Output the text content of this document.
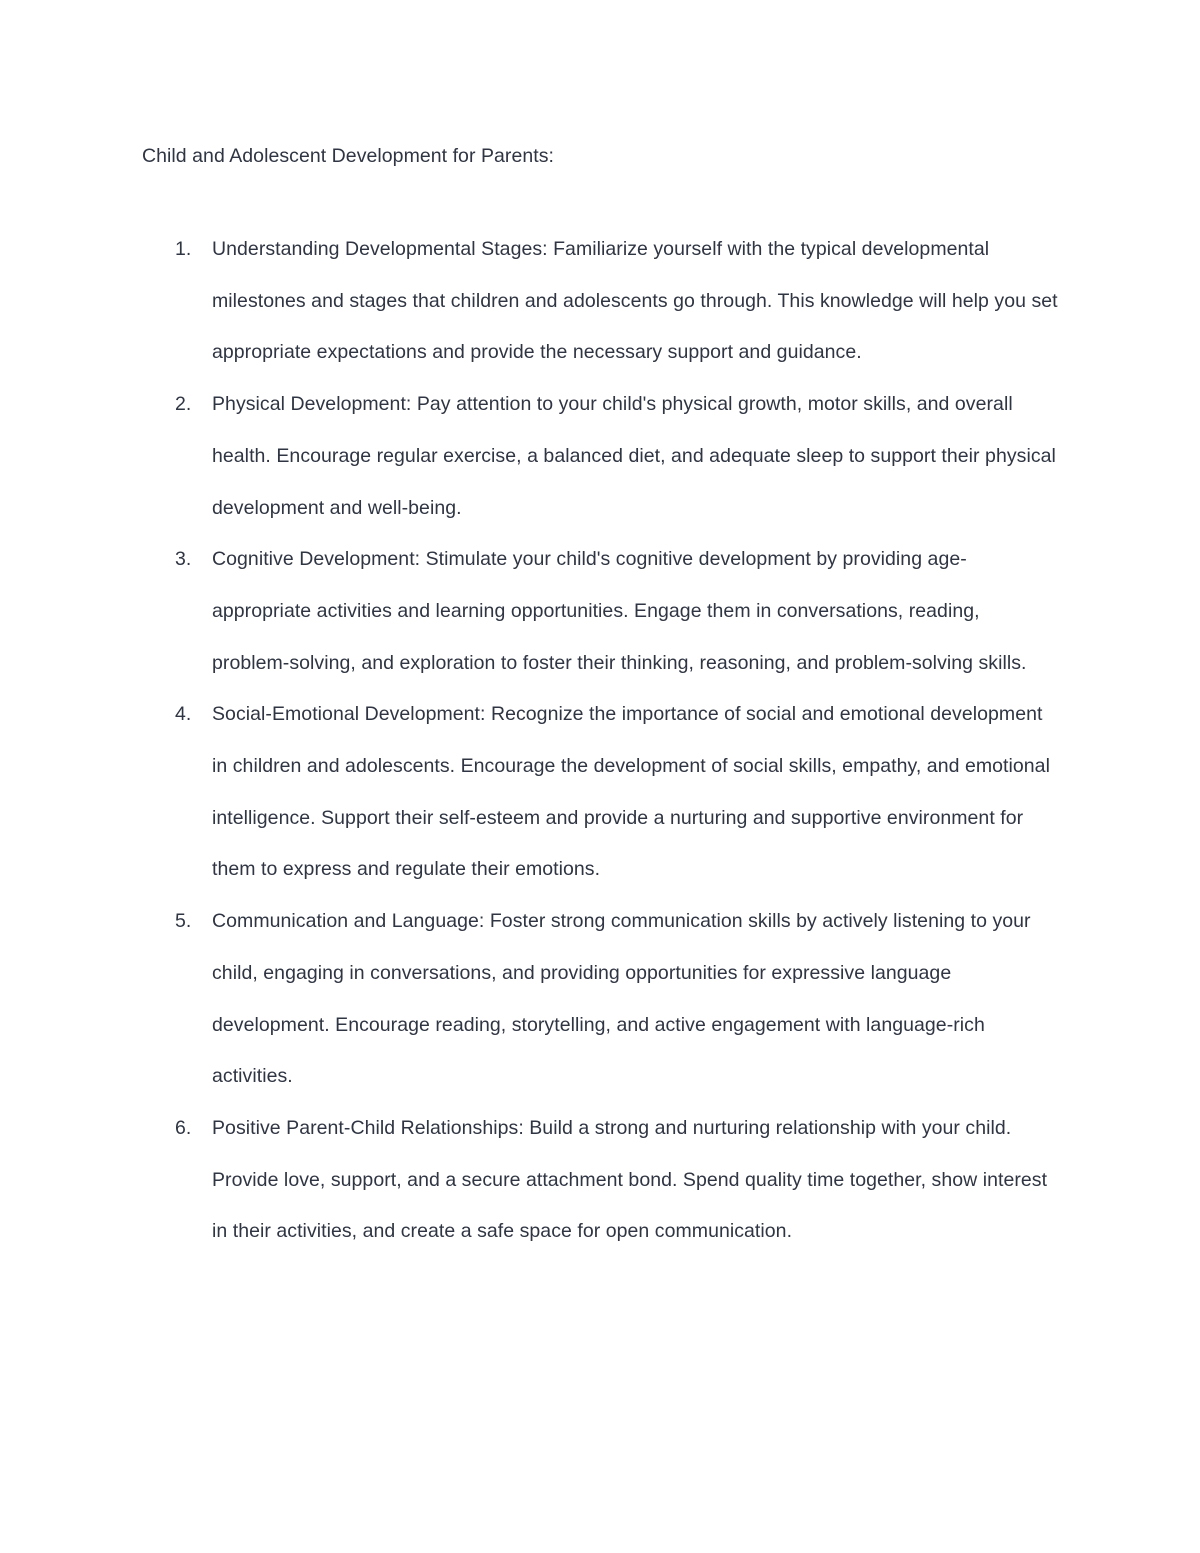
Child and Adolescent Development for Parents:
1.	Understanding Developmental Stages: Familiarize yourself with the typical developmental milestones and stages that children and adolescents go through. This knowledge will help you set appropriate expectations and provide the necessary support and guidance.
2.	Physical Development: Pay attention to your child's physical growth, motor skills, and overall health. Encourage regular exercise, a balanced diet, and adequate sleep to support their physical development and well-being.
3.	Cognitive Development: Stimulate your child's cognitive development by providing age-appropriate activities and learning opportunities. Engage them in conversations, reading, problem-solving, and exploration to foster their thinking, reasoning, and problem-solving skills.
4.	Social-Emotional Development: Recognize the importance of social and emotional development in children and adolescents. Encourage the development of social skills, empathy, and emotional intelligence. Support their self-esteem and provide a nurturing and supportive environment for them to express and regulate their emotions.
5.	Communication and Language: Foster strong communication skills by actively listening to your child, engaging in conversations, and providing opportunities for expressive language development. Encourage reading, storytelling, and active engagement with language-rich activities.
6.	Positive Parent-Child Relationships: Build a strong and nurturing relationship with your child. Provide love, support, and a secure attachment bond. Spend quality time together, show interest in their activities, and create a safe space for open communication.
